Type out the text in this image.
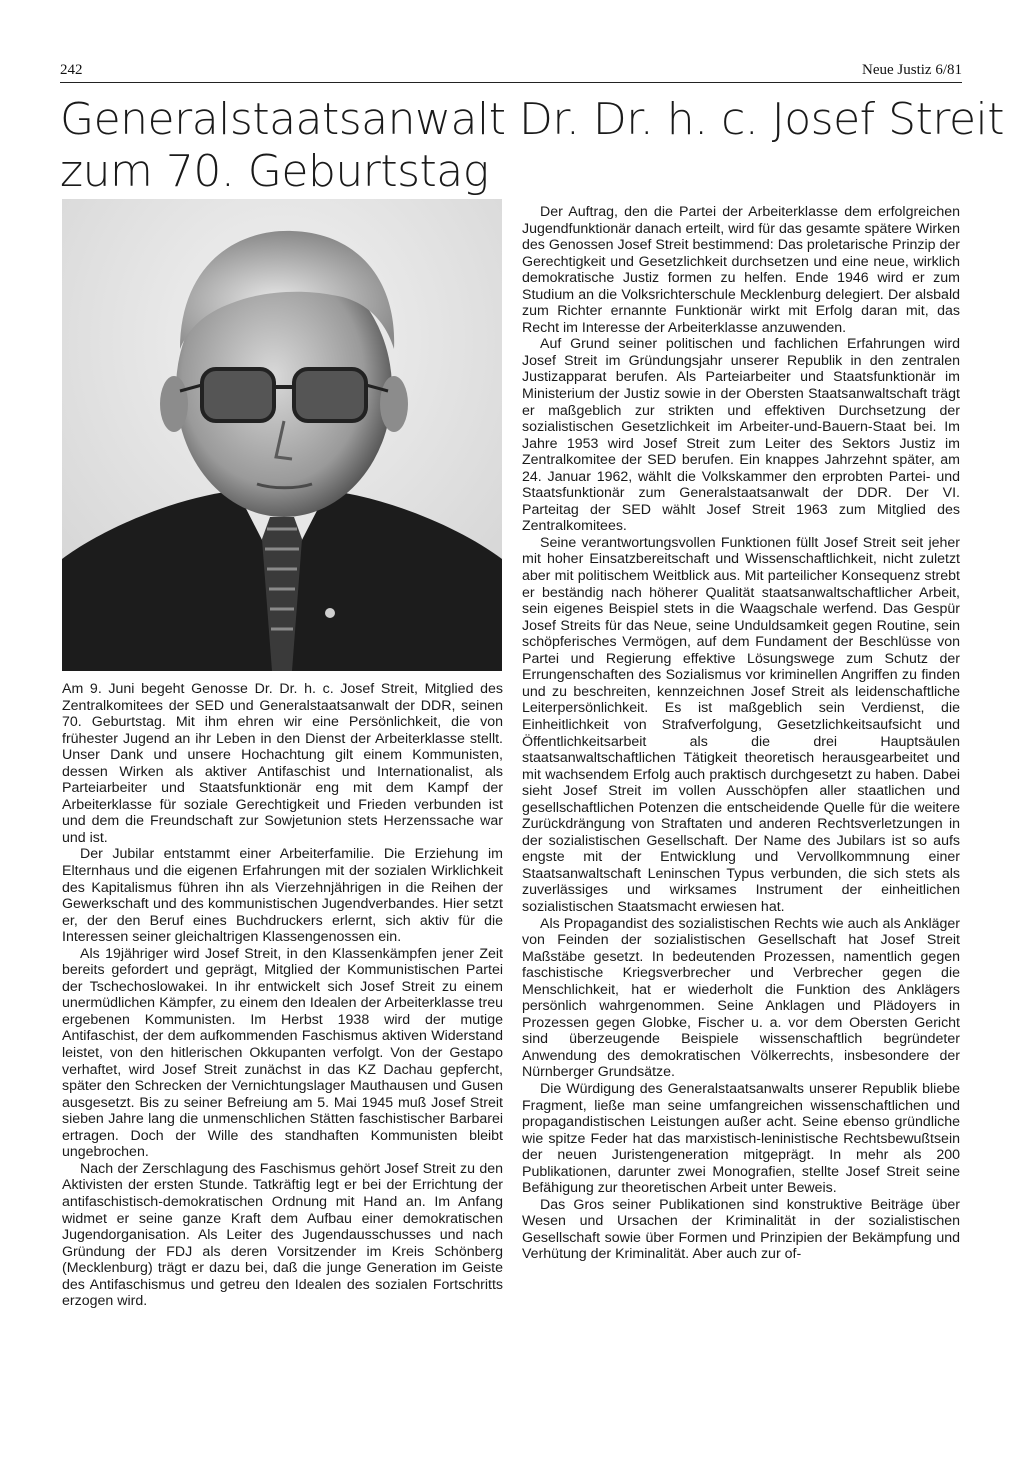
242	Neue Justiz 6/81
Generalstaatsanwalt Dr. Dr. h. c. Josef Streit
zum 70. Geburtstag

Am 9. Juni begeht Genosse Dr. Dr. h. c. Josef Streit, Mitglied des Zentralkomitees der SED und Generalstaatsanwalt der DDR, seinen 70. Geburtstag. Mit ihm ehren wir eine Persönlichkeit, die von frühester Jugend an ihr Leben in den Dienst der Arbeiterklasse stellt. Unser Dank und unsere Hochachtung gilt einem Kommunisten, dessen Wirken als aktiver Antifaschist und Internationalist, als Parteiarbeiter und Staatsfunktionär eng mit dem Kampf der Arbeiterklasse für soziale Gerechtigkeit und Frieden verbunden ist und dem die Freundschaft zur Sowjetunion stets Herzenssache war und ist.

Der Jubilar entstammt einer Arbeiterfamilie. Die Erziehung im Elternhaus und die eigenen Erfahrungen mit der sozialen Wirklichkeit des Kapitalismus führen ihn als Vierzehnjährigen in die Reihen der Gewerkschaft und des kommunistischen Jugendverbandes. Hier setzt er, der den Beruf eines Buchdruckers erlernt, sich aktiv für die Interessen seiner gleichaltrigen Klassengenossen ein.

Als 19jähriger wird Josef Streit, in den Klassenkämpfen jener Zeit bereits gefordert und geprägt, Mitglied der Kommunistischen Partei der Tschechoslowakei. In ihr entwickelt sich Josef Streit zu einem unermüdlichen Kämpfer, zu einem den Idealen der Arbeiterklasse treu ergebenen Kommunisten. Im Herbst 1938 wird der mutige Antifaschist, der dem aufkommenden Faschismus aktiven Widerstand leistet, von den hitlerischen Okkupanten verfolgt. Von der Gestapo verhaftet, wird Josef Streit zunächst in das KZ Dachau gepfercht, später den Schrecken der Vernichtungslager Mauthausen und Gusen ausgesetzt. Bis zu seiner Befreiung am 5. Mai 1945 muß Josef Streit sieben Jahre lang die unmenschlichen Stätten faschistischer Barbarei ertragen. Doch der Wille des standhaften Kommunisten bleibt ungebrochen.

Nach der Zerschlagung des Faschismus gehört Josef Streit zu den Aktivisten der ersten Stunde. Tatkräftig legt er bei der Errichtung der antifaschistisch-demokratischen Ordnung mit Hand an. Im Anfang widmet er seine ganze Kraft dem Aufbau einer demokratischen Jugendorganisation. Als Leiter des Jugendausschusses und nach Gründung der FDJ als deren Vorsitzender im Kreis Schönberg (Mecklenburg) trägt er dazu bei, daß die junge Generation im Geiste des Antifaschismus und getreu den Idealen des sozialen Fortschritts erzogen wird.

Der Auftrag, den die Partei der Arbeiterklasse dem erfolgreichen Jugendfunktionär danach erteilt, wird für das gesamte spätere Wirken des Genossen Josef Streit bestimmend: Das proletarische Prinzip der Gerechtigkeit und Gesetzlichkeit durchsetzen und eine neue, wirklich demokratische Justiz formen zu helfen. Ende 1946 wird er zum Studium an die Volksrichterschule Mecklenburg delegiert. Der alsbald zum Richter ernannte Funktionär wirkt mit Erfolg daran mit, das Recht im Interesse der Arbeiterklasse anzuwenden.

Auf Grund seiner politischen und fachlichen Erfahrungen wird Josef Streit im Gründungsjahr unserer Republik in den zentralen Justizapparat berufen. Als Parteiarbeiter und Staatsfunktionär im Ministerium der Justiz sowie in der Obersten Staatsanwaltschaft trägt er maßgeblich zur strikten und effektiven Durchsetzung der sozialistischen Gesetzlichkeit im Arbeiter-und-Bauern-Staat bei. Im Jahre 1953 wird Josef Streit zum Leiter des Sektors Justiz im Zentralkomitee der SED berufen. Ein knappes Jahrzehnt später, am 24. Januar 1962, wählt die Volkskammer den erprobten Partei- und Staatsfunktionär zum Generalstaatsanwalt der DDR. Der VI. Parteitag der SED wählt Josef Streit 1963 zum Mitglied des Zentralkomitees.

Seine verantwortungsvollen Funktionen füllt Josef Streit seit jeher mit hoher Einsatzbereitschaft und Wissenschaftlichkeit, nicht zuletzt aber mit politischem Weitblick aus. Mit parteilicher Konsequenz strebt er beständig nach höherer Qualität staatsanwaltschaftlicher Arbeit, sein eigenes Beispiel stets in die Waagschale werfend. Das Gespür Josef Streits für das Neue, seine Unduldsamkeit gegen Routine, sein schöpferisches Vermögen, auf dem Fundament der Beschlüsse von Partei und Regierung effektive Lösungswege zum Schutz der Errungenschaften des Sozialismus vor kriminellen Angriffen zu finden und zu beschreiten, kennzeichnen Josef Streit als leidenschaftliche Leiterpersönlichkeit. Es ist maßgeblich sein Verdienst, die Einheitlichkeit von Strafverfolgung, Gesetzlichkeitsaufsicht und Öffentlichkeitsarbeit als die drei Hauptsäulen staatsanwaltschaftlichen Tätigkeit theoretisch herausgearbeitet und mit wachsendem Erfolg auch praktisch durchgesetzt zu haben. Dabei sieht Josef Streit im vollen Ausschöpfen aller staatlichen und gesellschaftlichen Potenzen die entscheidende Quelle für die weitere Zurückdrängung von Straftaten und anderen Rechtsverletzungen in der sozialistischen Gesellschaft. Der Name des Jubilars ist so aufs engste mit der Entwicklung und Vervollkommnung einer Staatsanwaltschaft Leninschen Typus verbunden, die sich stets als zuverlässiges und wirksames Instrument der einheitlichen sozialistischen Staatsmacht erwiesen hat.

Als Propagandist des sozialistischen Rechts wie auch als Ankläger von Feinden der sozialistischen Gesellschaft hat Josef Streit Maßstäbe gesetzt. In bedeutenden Prozessen, namentlich gegen faschistische Kriegsverbrecher und Verbrecher gegen die Menschlichkeit, hat er wiederholt die Funktion des Anklägers persönlich wahrgenommen. Seine Anklagen und Plädoyers in Prozessen gegen Globke, Fischer u. a. vor dem Obersten Gericht sind überzeugende Beispiele wissenschaftlich begründeter Anwendung des demokratischen Völkerrechts, insbesondere der Nürnberger Grundsätze.

Die Würdigung des Generalstaatsanwalts unserer Republik bliebe Fragment, ließe man seine umfangreichen wissenschaftlichen und propagandistischen Leistungen außer acht. Seine ebenso gründliche wie spitze Feder hat das marxistisch-leninistische Rechtsbewußtsein der neuen Juristengeneration mitgeprägt. In mehr als 200 Publikationen, darunter zwei Monografien, stellte Josef Streit seine Befähigung zur theoretischen Arbeit unter Beweis.

Das Gros seiner Publikationen sind konstruktive Beiträge über Wesen und Ursachen der Kriminalität in der sozialistischen Gesellschaft sowie über Formen und Prinzipien der Bekämpfung und Verhütung der Kriminalität. Aber auch zur of-
